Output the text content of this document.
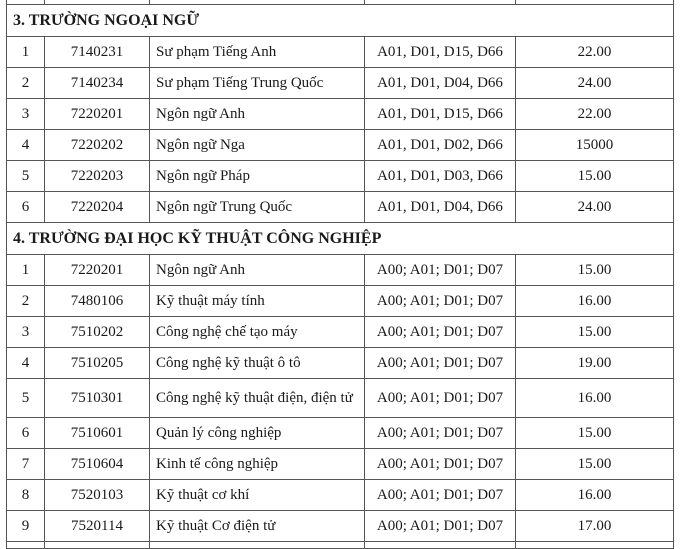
3. TRƯỜNG NGOẠI NGỮ				
1	7140231	Sư phạm Tiếng Anh	A01, D01, D15, D66	22.00
2	7140234	Sư phạm Tiếng Trung Quốc	A01, D01, D04, D66	24.00
3	7220201	Ngôn ngữ Anh	A01, D01, D15, D66	22.00
4	7220202	Ngôn ngữ Nga	A01, D01, D02, D66	15000
5	7220203	Ngôn ngữ Pháp	A01, D01, D03, D66	15.00
6	7220204	Ngôn ngữ Trung Quốc	A01, D01, D04, D66	24.00
4. TRƯỜNG ĐẠI HỌC KỸ THUẬT CÔNG NGHIỆP				
1	7220201	Ngôn ngữ Anh	A00; A01; D01; D07	15.00
2	7480106	Kỹ thuật máy tính	A00; A01; D01; D07	16.00
3	7510202	Công nghệ chế tạo máy	A00; A01; D01; D07	15.00
4	7510205	Công nghệ kỹ thuật ô tô	A00; A01; D01; D07	19.00
5	7510301	Công nghệ kỹ thuật điện, điện tử	A00; A01; D01; D07	16.00
6	7510601	Quản lý công nghiệp	A00; A01; D01; D07	15.00
7	7510604	Kinh tế công nghiệp	A00; A01; D01; D07	15.00
8	7520103	Kỹ thuật cơ khí	A00; A01; D01; D07	16.00
9	7520114	Kỹ thuật Cơ điện tử	A00; A01; D01; D07	17.00
